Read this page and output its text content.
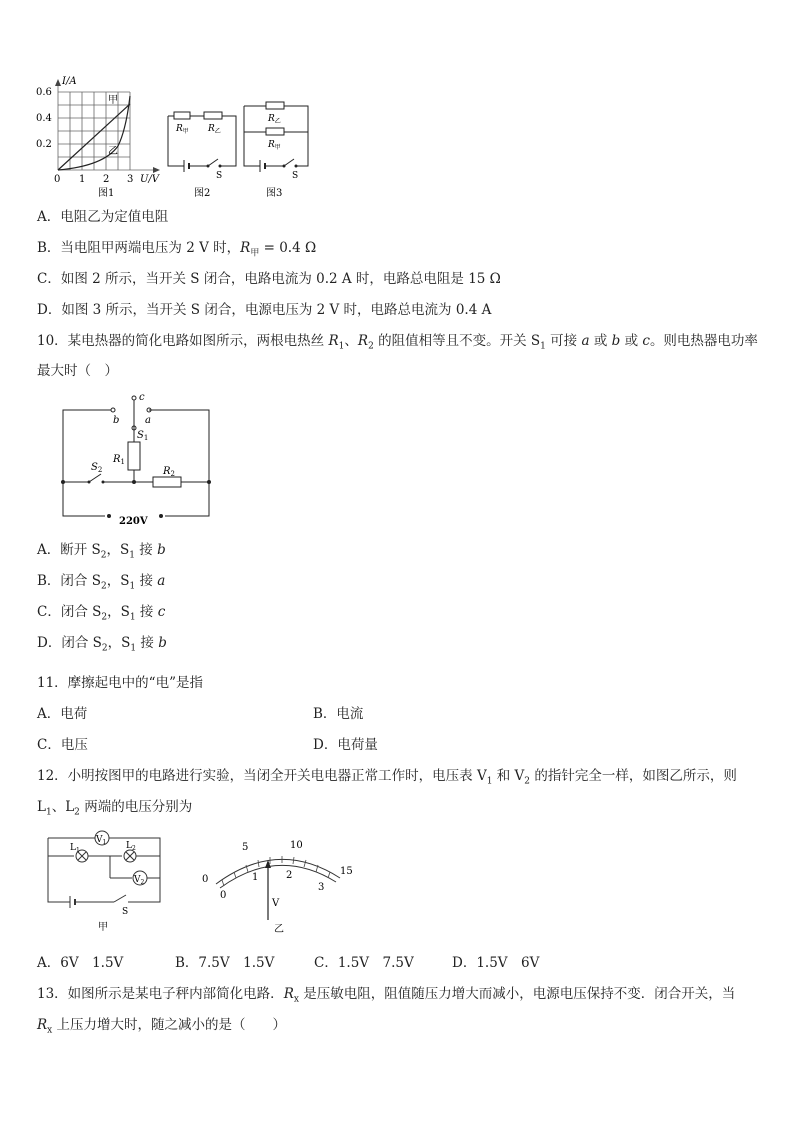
甲
乙
I/A
0.6
0.4
0.2
0 1 2 3 U/V
图1
$R_甲$ $R_乙$
S
图2
$R_乙$
$R_甲$
S
图3
A．电阻乙为定值电阻
B．当电阻甲两端电压为 2 V 时，$R_甲 = 0.4$ Ω
C．如图 2 所示，当开关 S 闭合，电路电流为 0.2 A 时，电路总电阻是 15 Ω
D．如图 3 所示，当开关 S 闭合，电源电压为 2 V 时，电路总电流为 0.4 A
10．某电热器的简化电路如图所示，两根电热丝 $R_1$、$R_2$ 的阻值相等且不变。开关 $S_1$ 可接 a 或 b 或 c。则电热器电功率
最大时（　）
c
b	a
$S_1$
$R_1$
$R_2$
$S_2$
220V
A．断开 $S_2$，$S_1$ 接 b
B．闭合 $S_2$，$S_1$ 接 a
C．闭合 $S_2$，$S_1$ 接 c
D．闭合 $S_2$，$S_1$ 接 b
11．摩擦起电中的“电”是指
A．电荷	B．电流
C．电压	D．电荷量
12．小明按图甲的电路进行实验，当闭全开关电电器正常工作时，电压表 $V_1$ 和 $V_2$ 的指针完全一样，如图乙所示，则
$L_1$、$L_2$ 两端的电压分别为
$V_1$
$V_2$
$L_1$	$L_2$
S
甲
0
5	10
15
0
1	2
3
V
乙
A．6V　1.5V	B．7.5V　1.5V	C．1.5V　7.5V	D．1.5V　6V
13．如图所示是某电子秤内部简化电路．$R_x$ 是压敏电阻，阻值随压力增大而减小，电源电压保持不变．闭合开关，当
$R_x$ 上压力增大时，随之减小的是（　　）
